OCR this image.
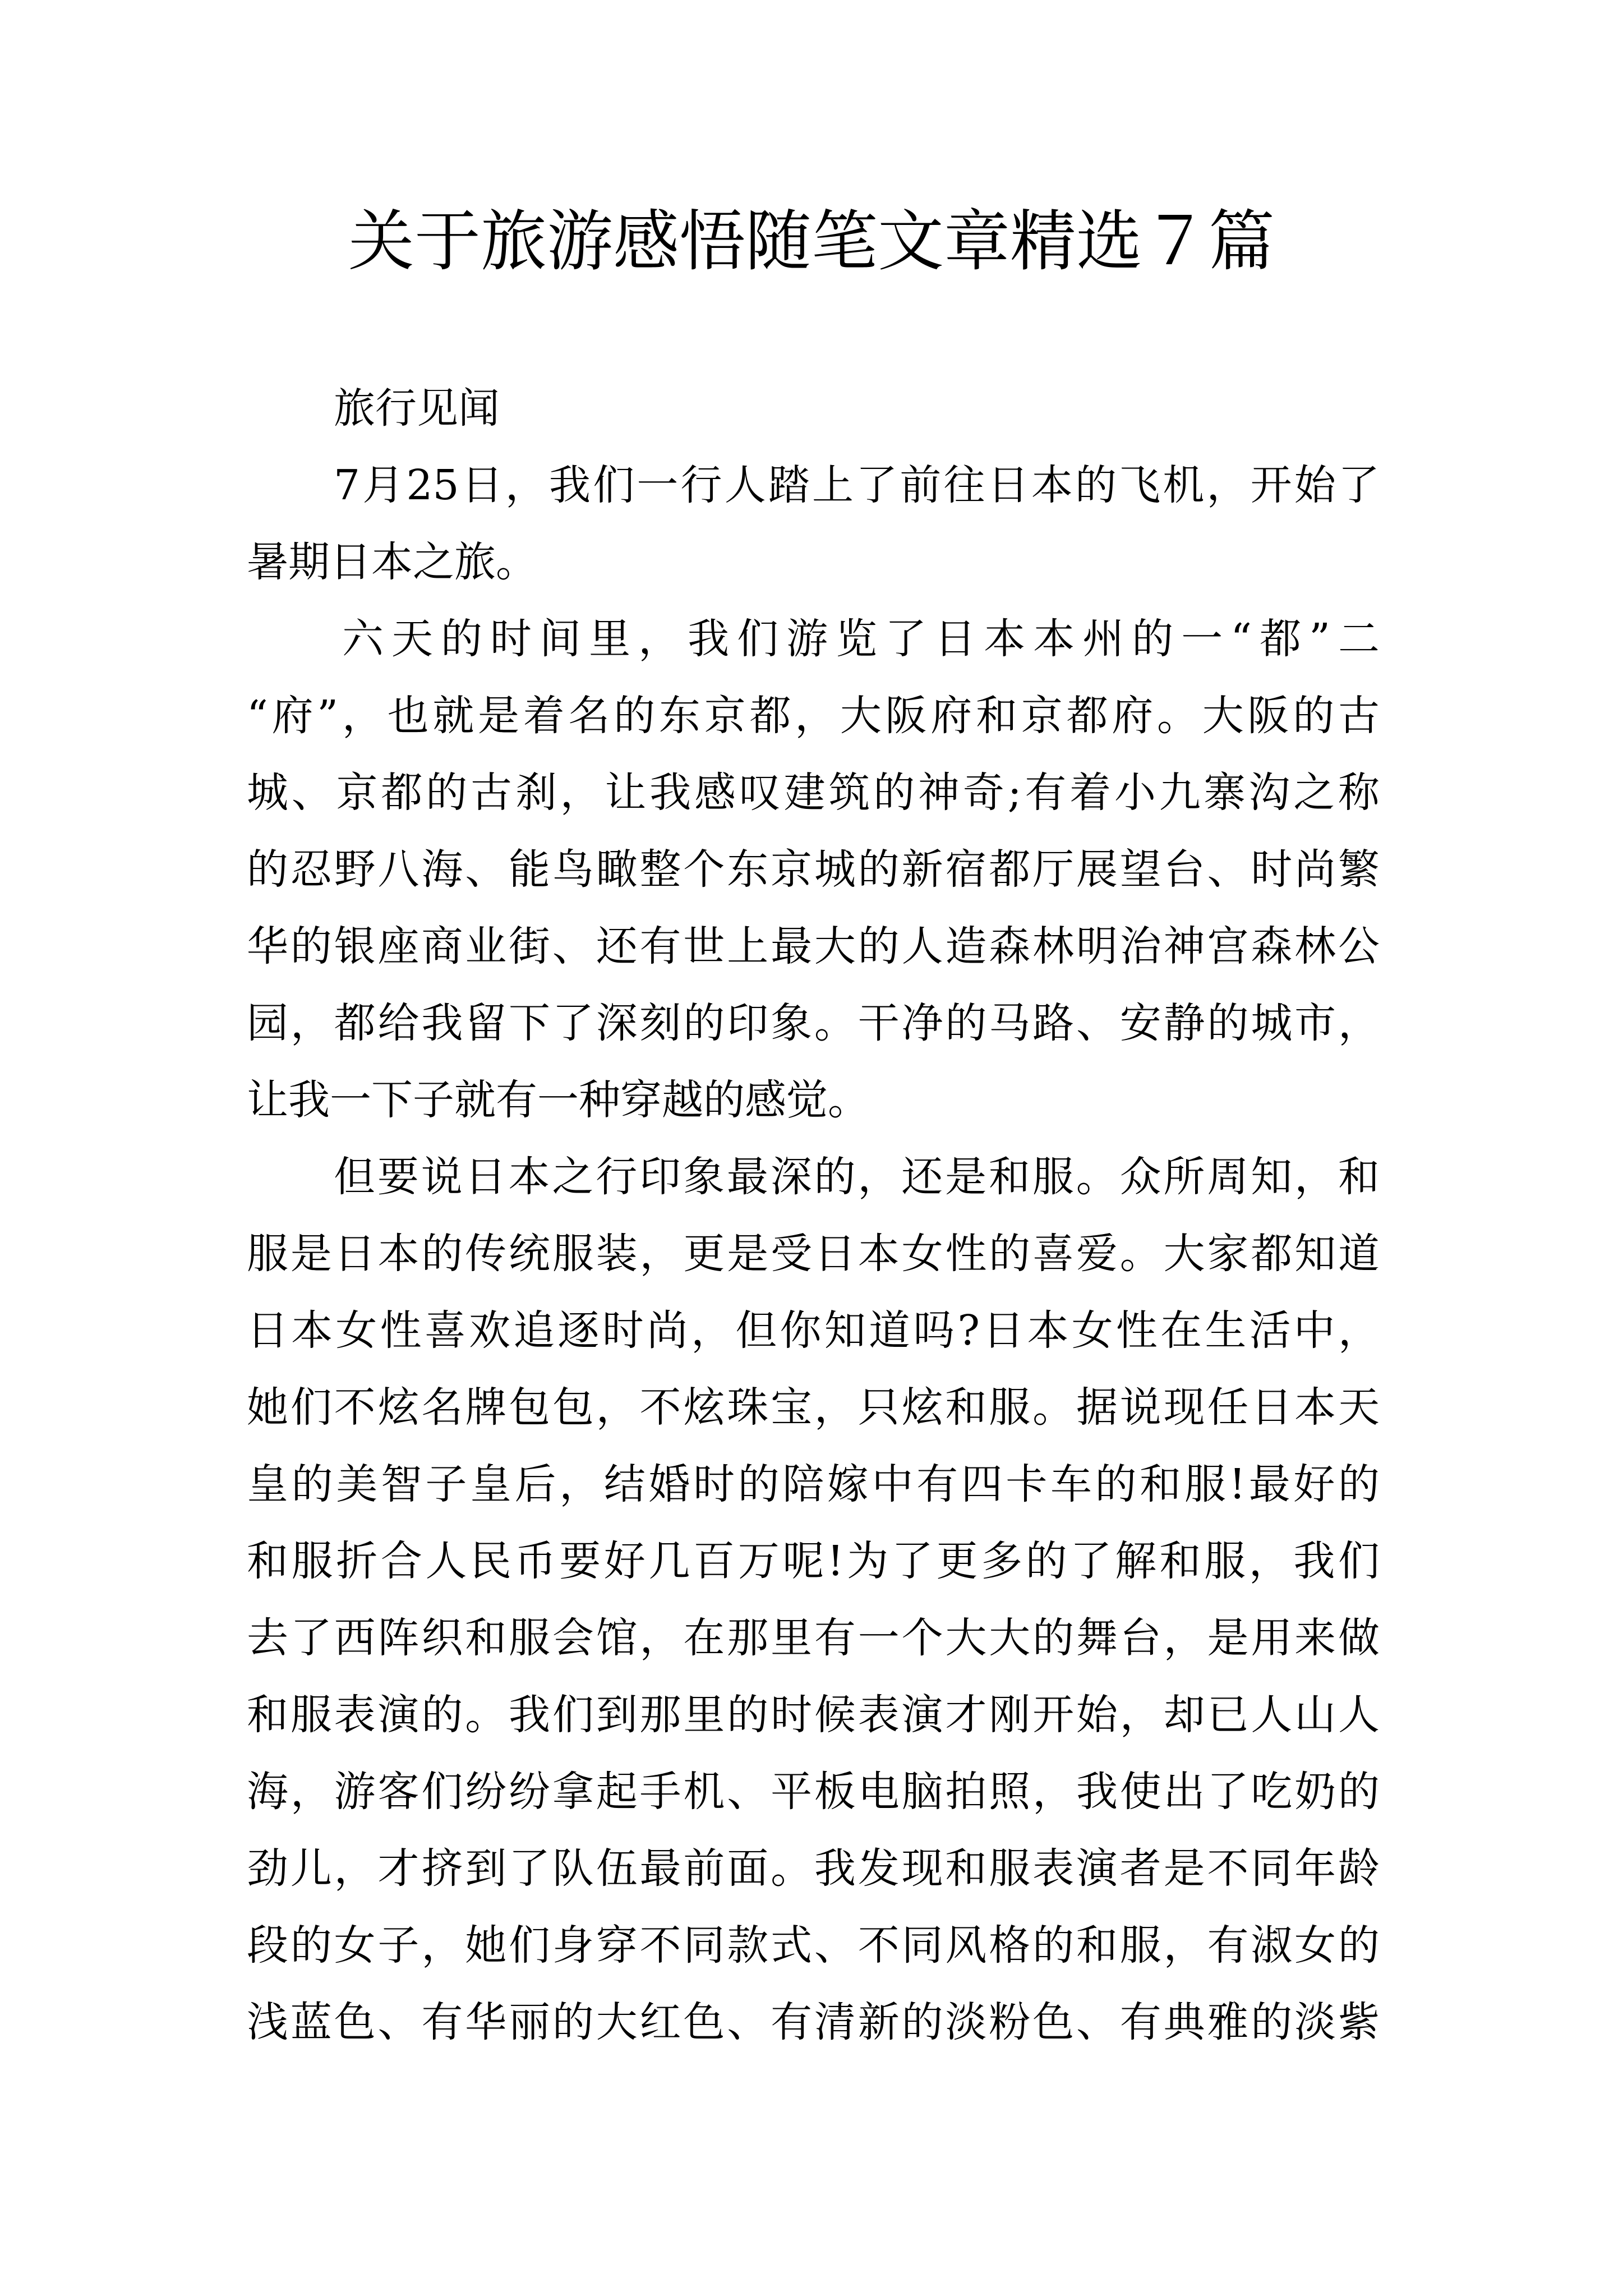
关于旅游感悟随笔文章精选７篇
旅行见闻
7月25日，我们一行人踏上了前往日本的飞机，开始了
暑期日本之旅。
六天的时间里，我们游览了日本本州的一“都”二
“府”，也就是着名的东京都，大阪府和京都府。大阪的古
城、京都的古刹，让我感叹建筑的神奇;有着小九寨沟之称
的忍野八海、能鸟瞰整个东京城的新宿都厅展望台、时尚繁
华的银座商业街、还有世上最大的人造森林明治神宫森林公
园，都给我留下了深刻的印象。干净的马路、安静的城市，
让我一下子就有一种穿越的感觉。
但要说日本之行印象最深的，还是和服。众所周知，和
服是日本的传统服装，更是受日本女性的喜爱。大家都知道
日本女性喜欢追逐时尚，但你知道吗?日本女性在生活中，
她们不炫名牌包包，不炫珠宝，只炫和服。据说现任日本天
皇的美智子皇后，结婚时的陪嫁中有四卡车的和服!最好的
和服折合人民币要好几百万呢!为了更多的了解和服，我们
去了西阵织和服会馆，在那里有一个大大的舞台，是用来做
和服表演的。我们到那里的时候表演才刚开始，却已人山人
海，游客们纷纷拿起手机、平板电脑拍照，我使出了吃奶的
劲儿，才挤到了队伍最前面。我发现和服表演者是不同年龄
段的女子，她们身穿不同款式、不同风格的和服，有淑女的
浅蓝色、有华丽的大红色、有清新的淡粉色、有典雅的淡紫
